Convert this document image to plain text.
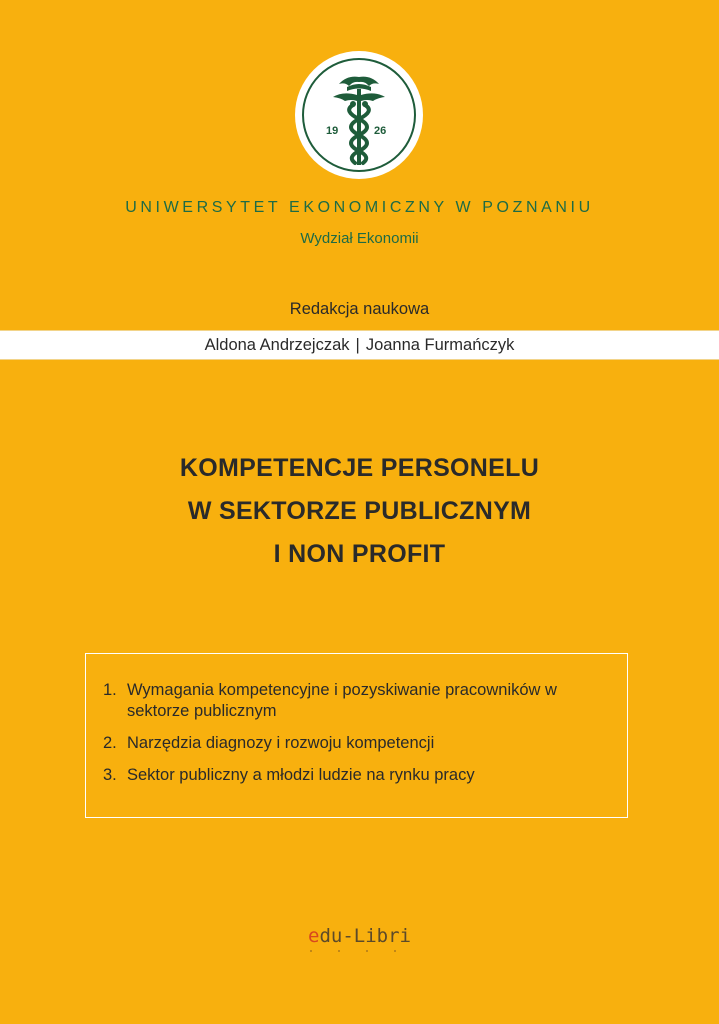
19	26
UNIWERSYTET EKONOMICZNY W POZNANIU
Wydział Ekonomii
Redakcja naukowa
Aldona Andrzejczak | Joanna Furmańczyk
KOMPETENCJE PERSONELU
W SEKTORZE PUBLICZNYM
I NON PROFIT
1. Wymagania kompetencyjne i pozyskiwanie pracowników w sektorze publicznym
2. Narzędzia diagnozy i rozwoju kompetencji
3. Sektor publiczny a młodzi ludzie na rynku pracy
edu-Libri
